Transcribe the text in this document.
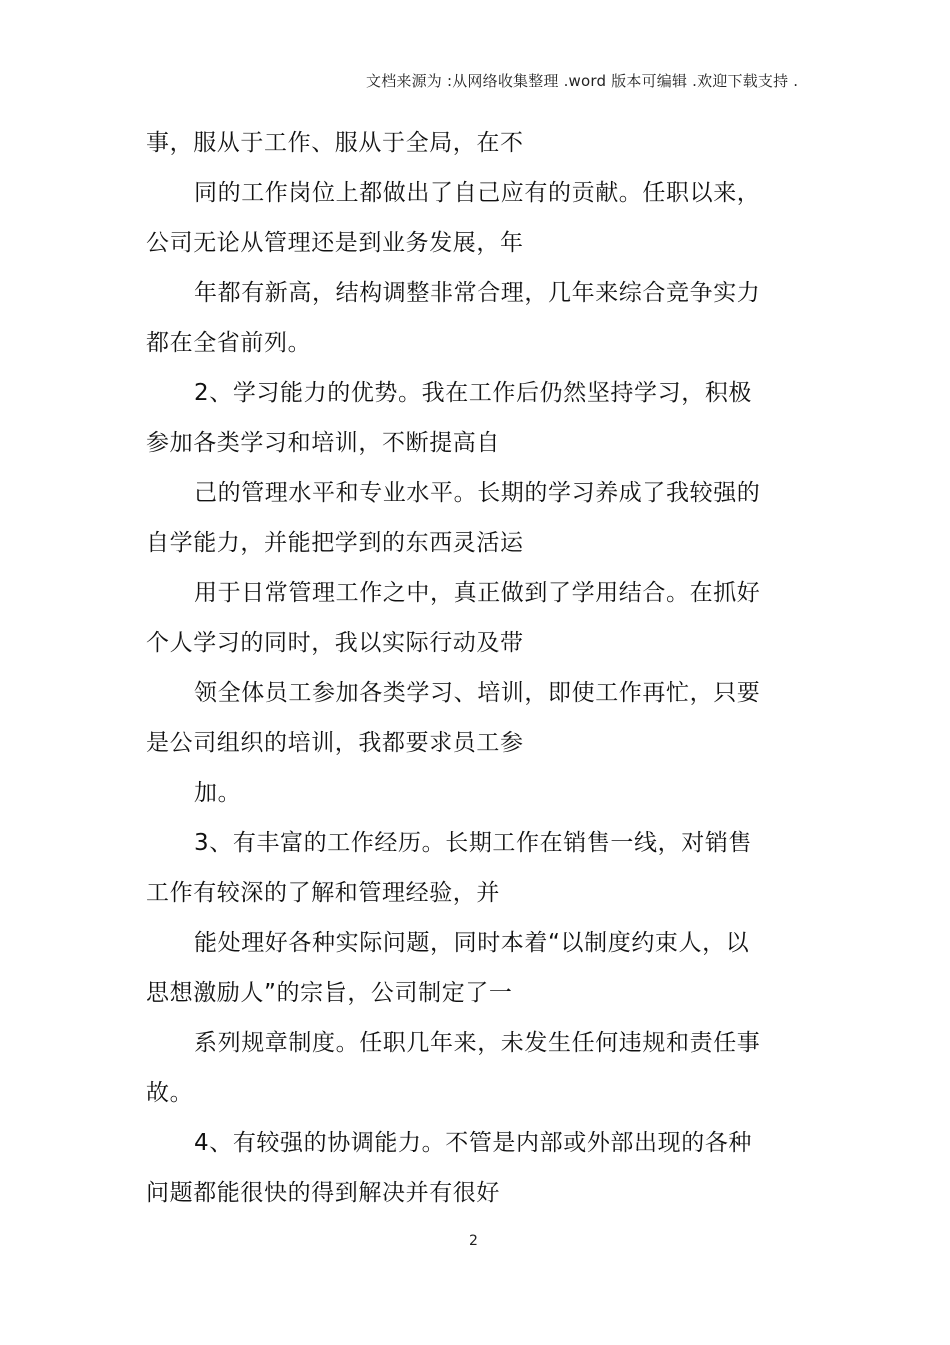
文档来源为 :从网络收集整理 .word 版本可编辑 .欢迎下载支持 .
事，服从于工作、服从于全局，在不
同的工作岗位上都做出了自己应有的贡献。任职以来，
公司无论从管理还是到业务发展，年
年都有新高，结构调整非常合理，几年来综合竞争实力
都在全省前列。
2、学习能力的优势。我在工作后仍然坚持学习，积极
参加各类学习和培训，不断提高自
己的管理水平和专业水平。长期的学习养成了我较强的
自学能力，并能把学到的东西灵活运
用于日常管理工作之中，真正做到了学用结合。在抓好
个人学习的同时，我以实际行动及带
领全体员工参加各类学习、培训，即使工作再忙，只要
是公司组织的培训，我都要求员工参
加。
3、有丰富的工作经历。长期工作在销售一线，对销售
工作有较深的了解和管理经验，并
能处理好各种实际问题，同时本着“以制度约束人，以
思想激励人”的宗旨，公司制定了一
系列规章制度。任职几年来，未发生任何违规和责任事
故。
4、有较强的协调能力。不管是内部或外部出现的各种
问题都能很快的得到解决并有很好
2
